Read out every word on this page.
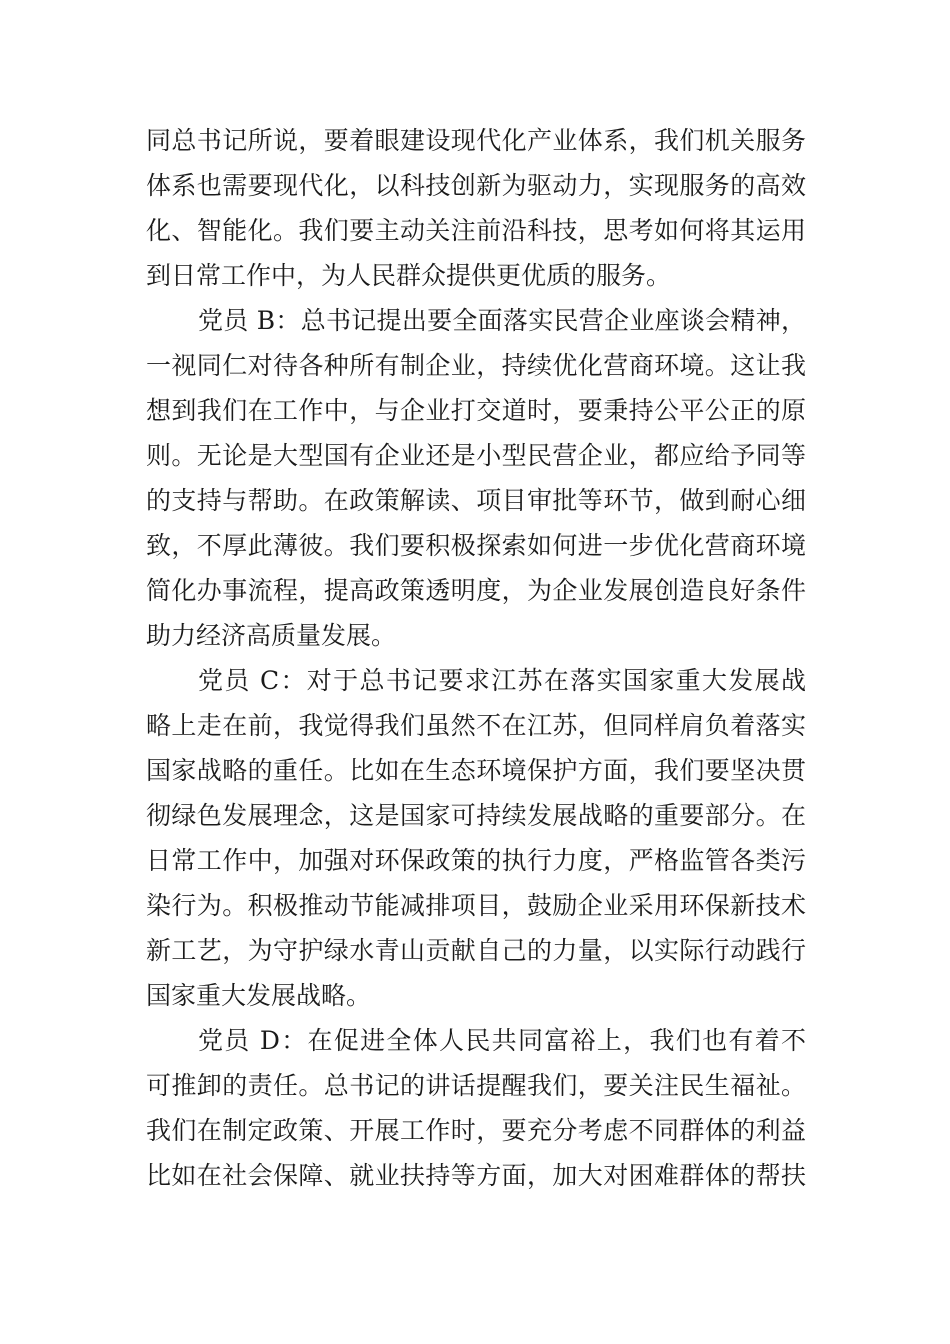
同总书记所说，要着眼建设现代化产业体系，我们机关服务
体系也需要现代化，以科技创新为驱动力，实现服务的高效
化、智能化。我们要主动关注前沿科技，思考如何将其运用
到日常工作中，为人民群众提供更优质的服务。
党员 B：总书记提出要全面落实民营企业座谈会精神，
一视同仁对待各种所有制企业，持续优化营商环境。这让我
想到我们在工作中，与企业打交道时，要秉持公平公正的原
则。无论是大型国有企业还是小型民营企业，都应给予同等
的支持与帮助。在政策解读、项目审批等环节，做到耐心细
致，不厚此薄彼。我们要积极探索如何进一步优化营商环境
简化办事流程，提高政策透明度，为企业发展创造良好条件
助力经济高质量发展。
党员 C：对于总书记要求江苏在落实国家重大发展战
略上走在前，我觉得我们虽然不在江苏，但同样肩负着落实
国家战略的重任。比如在生态环境保护方面，我们要坚决贯
彻绿色发展理念，这是国家可持续发展战略的重要部分。在
日常工作中，加强对环保政策的执行力度，严格监管各类污
染行为。积极推动节能减排项目，鼓励企业采用环保新技术
新工艺，为守护绿水青山贡献自己的力量，以实际行动践行
国家重大发展战略。
党员 D：在促进全体人民共同富裕上，我们也有着不
可推卸的责任。总书记的讲话提醒我们，要关注民生福祉。
我们在制定政策、开展工作时，要充分考虑不同群体的利益
比如在社会保障、就业扶持等方面，加大对困难群体的帮扶
